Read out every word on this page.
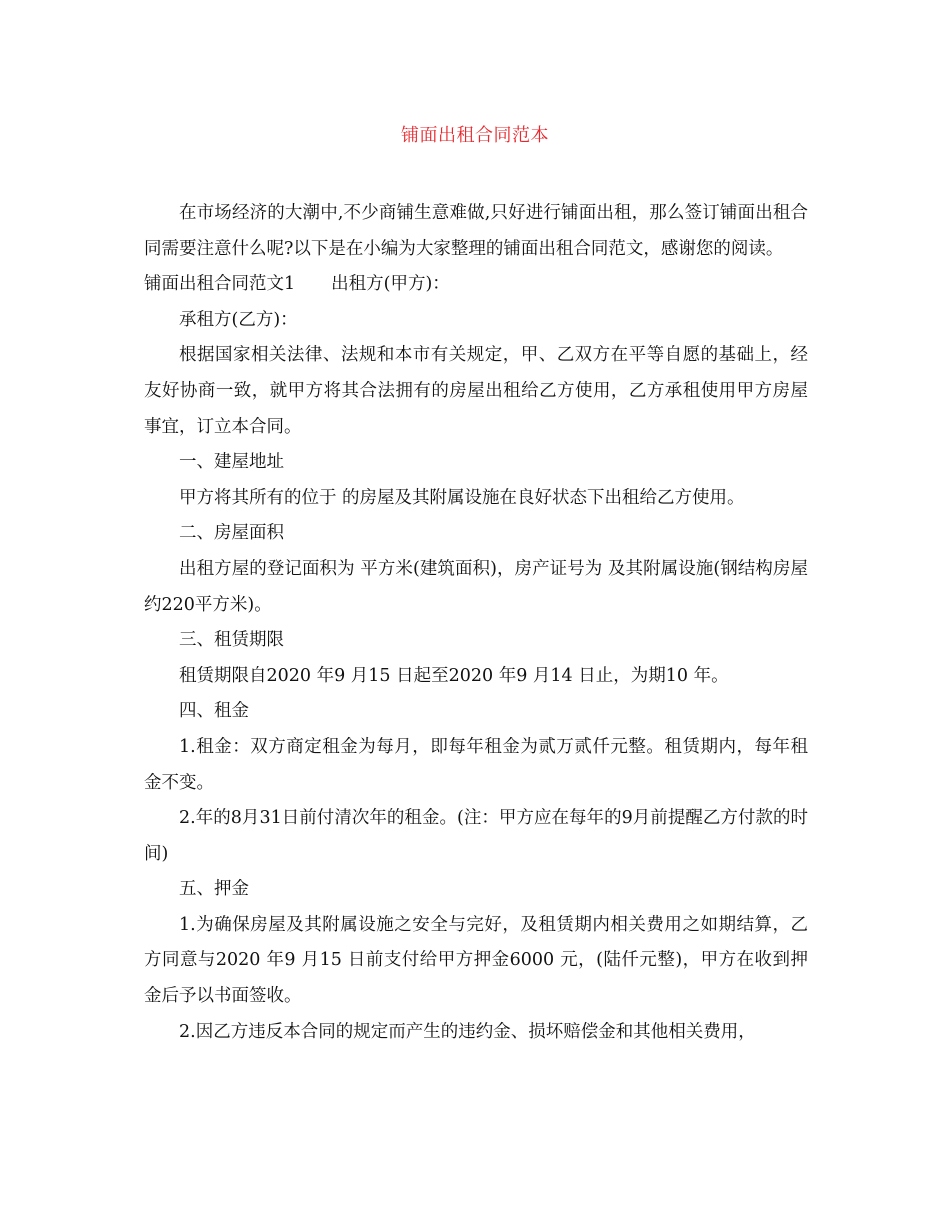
铺面出租合同范本

在市场经济的大潮中,不少商铺生意难做,只好进行铺面出租，那么签订铺面出租合同需要注意什么呢?以下是在小编为大家整理的铺面出租合同范文，感谢您的阅读。

铺面出租合同范文1 出租方(甲方)：

承租方(乙方)：

根据国家相关法律、法规和本市有关规定，甲、乙双方在平等自愿的基础上，经友好协商一致，就甲方将其合法拥有的房屋出租给乙方使用，乙方承租使用甲方房屋事宜，订立本合同。

一、建屋地址

甲方将其所有的位于 的房屋及其附属设施在良好状态下出租给乙方使用。

二、房屋面积

出租方屋的登记面积为 平方米(建筑面积)，房产证号为 及其附属设施(钢结构房屋约220平方米)。

三、租赁期限

租赁期限自2020 年9 月15 日起至2020 年9 月14 日止，为期10 年。

四、租金

1.租金：双方商定租金为每月，即每年租金为贰万贰仟元整。租赁期内，每年租金不变。

2.年的8月31日前付清次年的租金。(注：甲方应在每年的9月前提醒乙方付款的时间)

五、押金

1.为确保房屋及其附属设施之安全与完好，及租赁期内相关费用之如期结算，乙方同意与2020 年9 月15 日前支付给甲方押金6000 元，(陆仟元整)，甲方在收到押金后予以书面签收。

2.因乙方违反本合同的规定而产生的违约金、损坏赔偿金和其他相关费用，
